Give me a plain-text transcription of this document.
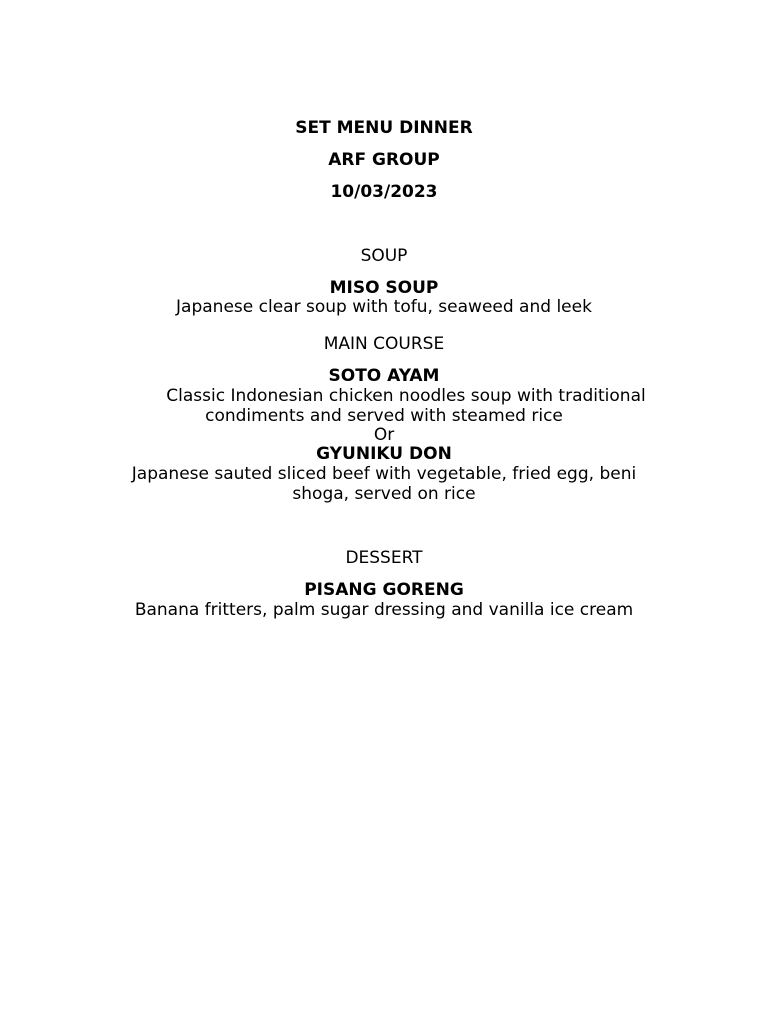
SET MENU DINNER
ARF GROUP
10/03/2023
SOUP
MISO SOUP
Japanese clear soup with tofu, seaweed and leek
MAIN COURSE
SOTO AYAM
Classic Indonesian chicken noodles soup with traditional
condiments and served with steamed rice
Or
GYUNIKU DON
Japanese sauted sliced beef with vegetable, fried egg, beni
shoga, served on rice
DESSERT
PISANG GORENG
Banana fritters, palm sugar dressing and vanilla ice cream
